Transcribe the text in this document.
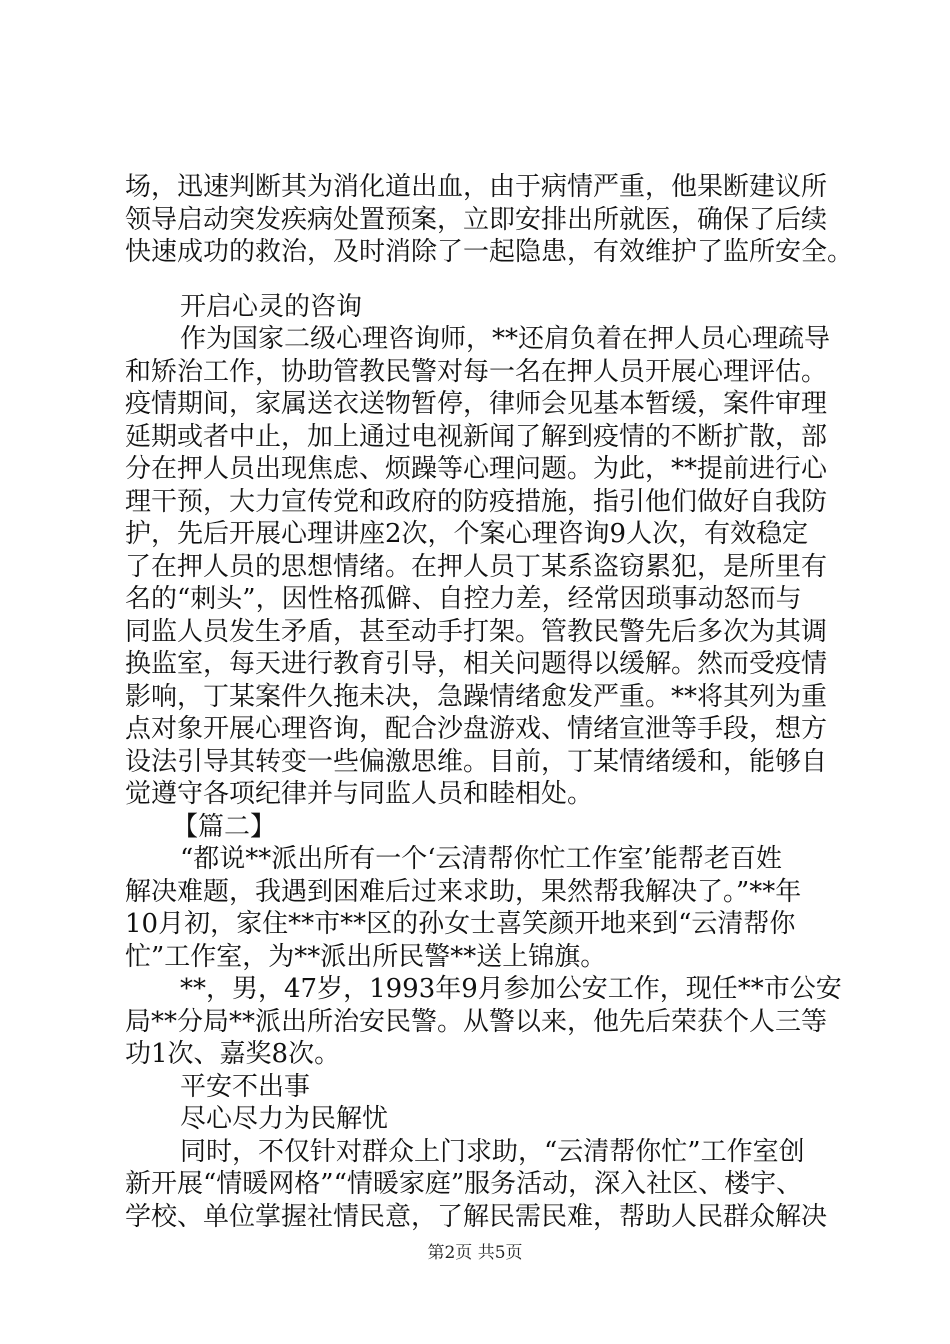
场，迅速判断其为消化道出血，由于病情严重，他果断建议所
领导启动突发疾病处置预案，立即安排出所就医，确保了后续
快速成功的救治，及时消除了一起隐患，有效维护了监所安全。
开启心灵的咨询
作为国家二级心理咨询师，**还肩负着在押人员心理疏导
和矫治工作，协助管教民警对每一名在押人员开展心理评估。
疫情期间，家属送衣送物暂停，律师会见基本暂缓，案件审理
延期或者中止，加上通过电视新闻了解到疫情的不断扩散，部
分在押人员出现焦虑、烦躁等心理问题。为此，**提前进行心
理干预，大力宣传党和政府的防疫措施，指引他们做好自我防
护，先后开展心理讲座2次，个案心理咨询9人次，有效稳定
了在押人员的思想情绪。在押人员丁某系盗窃累犯，是所里有
名的“刺头”，因性格孤僻、自控力差，经常因琐事动怒而与
同监人员发生矛盾，甚至动手打架。管教民警先后多次为其调
换监室，每天进行教育引导，相关问题得以缓解。然而受疫情
影响，丁某案件久拖未决，急躁情绪愈发严重。**将其列为重
点对象开展心理咨询，配合沙盘游戏、情绪宣泄等手段，想方
设法引导其转变一些偏激思维。目前，丁某情绪缓和，能够自
觉遵守各项纪律并与同监人员和睦相处。
【篇二】
“都说**派出所有一个‘云清帮你忙工作室’能帮老百姓
解决难题，我遇到困难后过来求助，果然帮我解决了。”**年
10月初，家住**市**区的孙女士喜笑颜开地来到“云清帮你
忙”工作室，为**派出所民警**送上锦旗。
**，男，47岁，1993年9月参加公安工作，现任**市公安
局**分局**派出所治安民警。从警以来，他先后荣获个人三等
功1次、嘉奖8次。
平安不出事
尽心尽力为民解忧
同时，不仅针对群众上门求助，“云清帮你忙”工作室创
新开展“情暖网格”“情暖家庭”服务活动，深入社区、楼宇、
学校、单位掌握社情民意，了解民需民难，帮助人民群众解决
第2页 共5页
